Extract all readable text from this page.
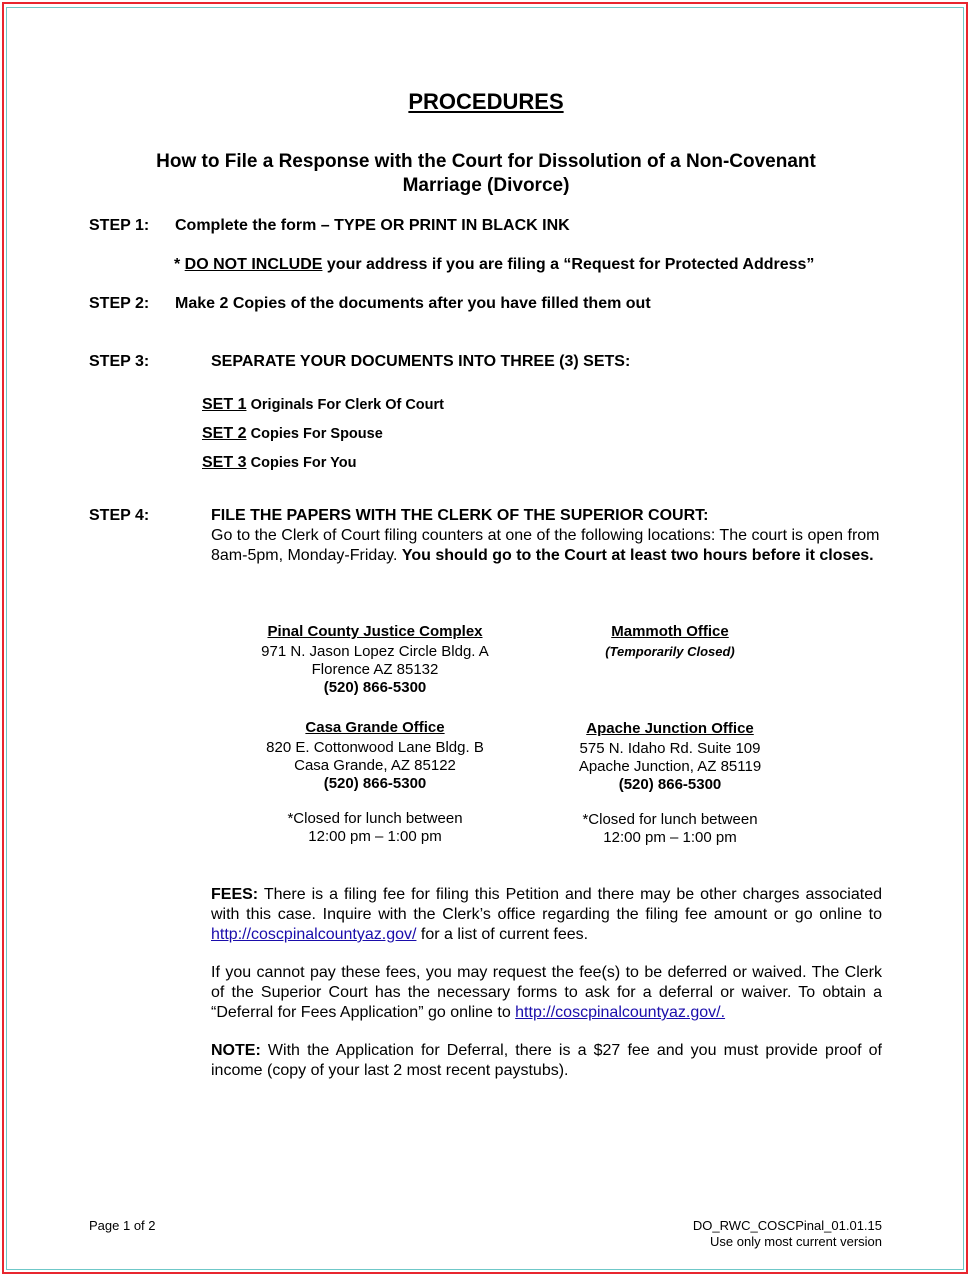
PROCEDURES
How to File a Response with the Court for Dissolution of a Non-Covenant Marriage (Divorce)
STEP 1: Complete the form – TYPE OR PRINT IN BLACK INK
* DO NOT INCLUDE your address if you are filing a “Request for Protected Address”
STEP 2: Make 2 Copies of the documents after you have filled them out
STEP 3:	SEPARATE YOUR DOCUMENTS INTO THREE (3) SETS:
SET 1 Originals For Clerk Of Court
SET 2 Copies For Spouse
SET 3 Copies For You
STEP 4:	FILE THE PAPERS WITH THE CLERK OF THE SUPERIOR COURT:
Go to the Clerk of Court filing counters at one of the following locations: The court is open from 8am-5pm, Monday-Friday. You should go to the Court at least two hours before it closes.
Pinal County Justice Complex
971 N. Jason Lopez Circle Bldg. A
Florence AZ 85132
(520) 866-5300
Mammoth Office
(Temporarily Closed)
Casa Grande Office
820 E. Cottonwood Lane Bldg. B
Casa Grande, AZ 85122
(520) 866-5300
*Closed for lunch between
12:00 pm – 1:00 pm
Apache Junction Office
575 N. Idaho Rd. Suite 109
Apache Junction, AZ 85119
(520) 866-5300
*Closed for lunch between
12:00 pm – 1:00 pm
FEES: There is a filing fee for filing this Petition and there may be other charges associated with this case. Inquire with the Clerk’s office regarding the filing fee amount or go online to http://coscpinalcountyaz.gov/ for a list of current fees.
If you cannot pay these fees, you may request the fee(s) to be deferred or waived. The Clerk of the Superior Court has the necessary forms to ask for a deferral or waiver. To obtain a “Deferral for Fees Application” go online to http://coscpinalcountyaz.gov/.
NOTE: With the Application for Deferral, there is a $27 fee and you must provide proof of income (copy of your last 2 most recent paystubs).
Page 1 of 2	DO_RWC_COSCPinal_01.01.15
Use only most current version
